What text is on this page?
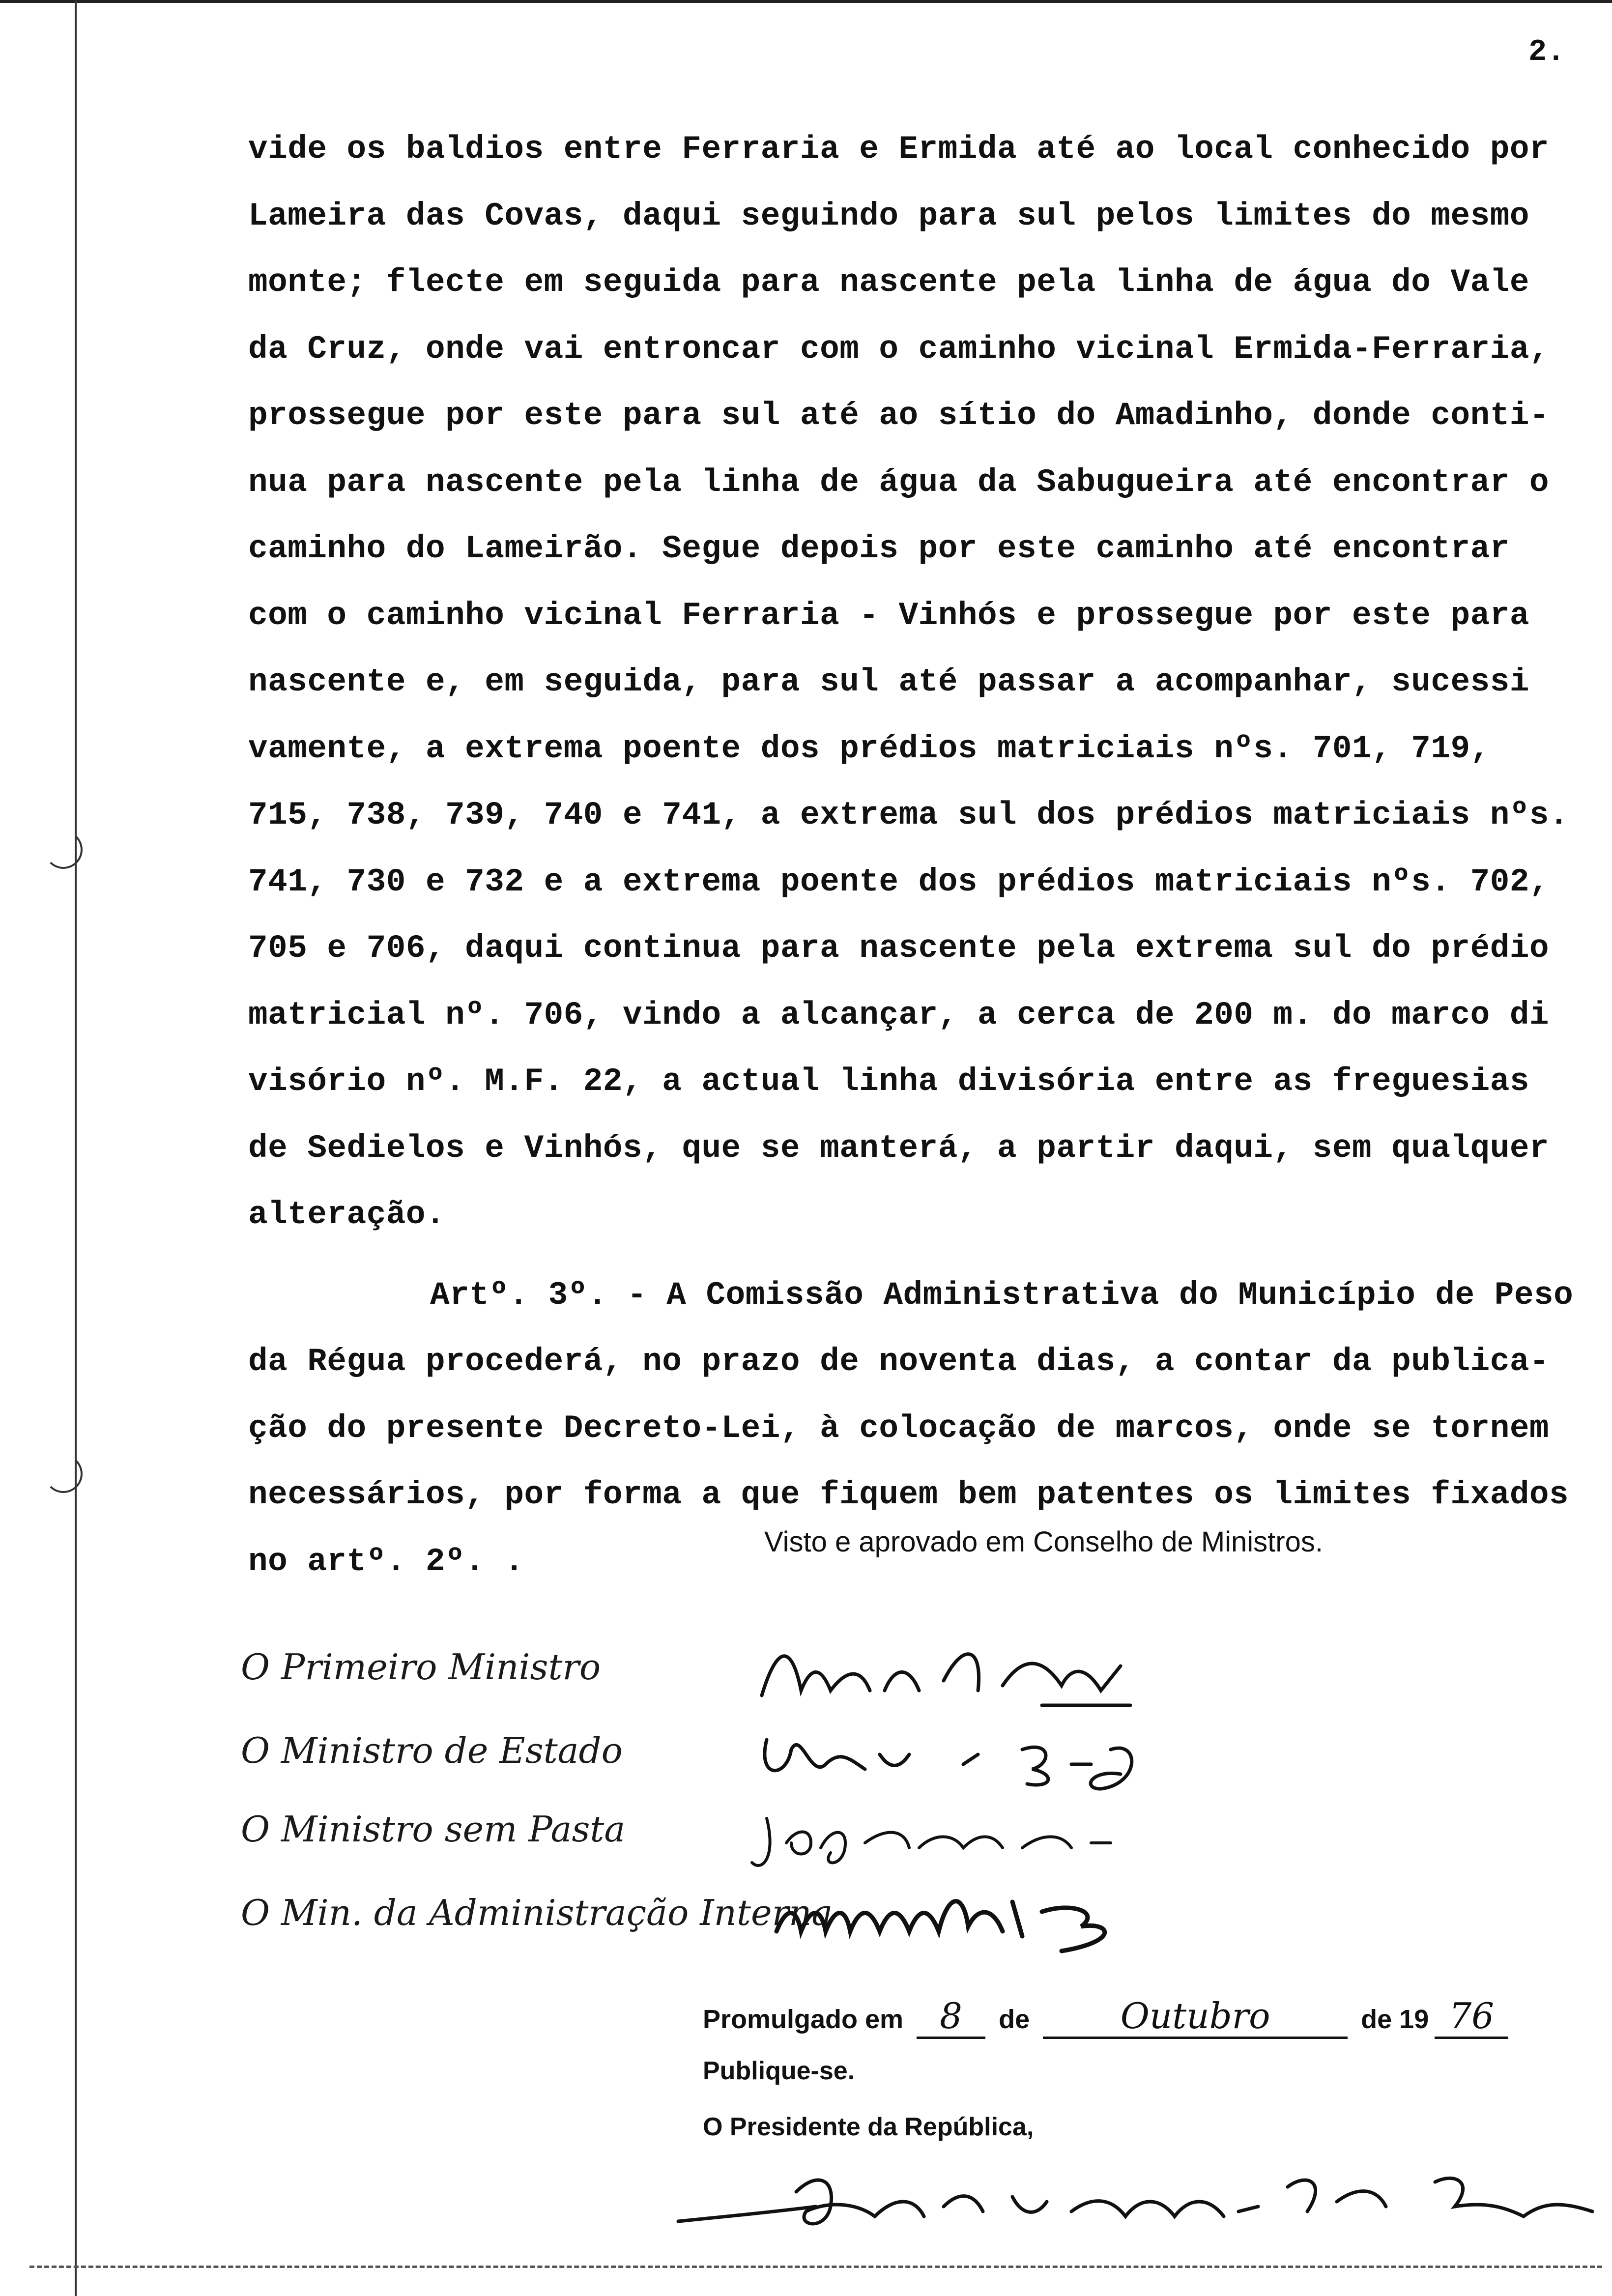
2.
vide os baldios entre Ferraria e Ermida até ao local conhecido por
Lameira das Covas, daqui seguindo para sul pelos limites do mesmo
monte; flecte em seguida para nascente pela linha de água do Vale
da Cruz, onde vai entroncar com o caminho vicinal Ermida-Ferraria,
prossegue por este para sul até ao sítio do Amadinho, donde conti-
nua para nascente pela linha de água da Sabugueira até encontrar o
caminho do Lameirão. Segue depois por este caminho até encontrar
com o caminho vicinal Ferraria - Vinhós e prossegue por este para
nascente e, em seguida, para sul até passar a acompanhar, sucessi
vamente, a extrema poente dos prédios matriciais nºs. 701, 719,
715, 738, 739, 740 e 741, a extrema sul dos prédios matriciais nºs.
741, 730 e 732 e a extrema poente dos prédios matriciais nºs. 702,
705 e 706, daqui continua para nascente pela extrema sul do prédio
matricial nº. 706, vindo a alcançar, a cerca de 200 m. do marco di
visório nº. M.F. 22, a actual linha divisória entre as freguesias
de Sedielos e Vinhós, que se manterá, a partir daqui, sem qualquer
alteração.
Artº. 3º. - A Comissão Administrativa do Município de Peso
da Régua procederá, no prazo de noventa dias, a contar da publica-
ção do presente Decreto-Lei, à colocação de marcos, onde se tornem
necessários, por forma a que fiquem bem patentes os limites fixados
no artº. 2º. .
Visto e aprovado em Conselho de Ministros.
O Primeiro Ministro
O Ministro de Estado
O Ministro sem Pasta
O Min. da Administração Interna
Promulgado em 8 de	Outubro	de 19 76
Publique-se.
O Presidente da República,
